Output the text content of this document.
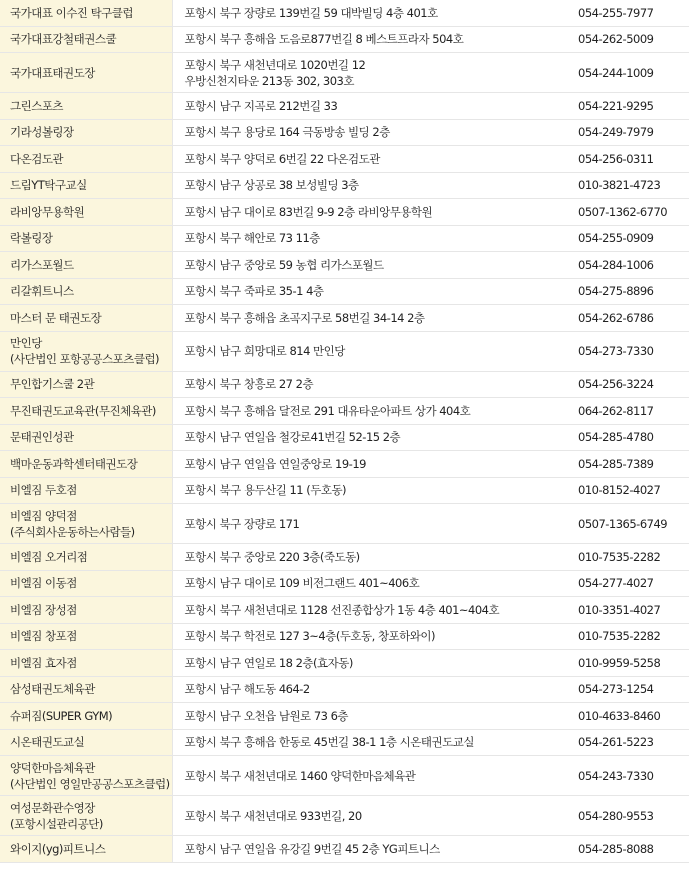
국가대표 이수진 탁구클럽	포항시 북구 장량로 139번길 59 대박빌딩 4층 401호	054-255-7977

국가대표강철태권스쿨	포항시 북구 흥해읍 도음로877번길 8 베스트프라자 504호	054-262-5009

국가대표태권도장	포항시 북구 새천년대로 1020번길 12
우방신천지타운 213동 302, 303호	054-244-1009

그린스포츠	포항시 남구 지곡로 212번길 33	054-221-9295

기라성볼링장	포항시 북구 용당로 164 극동방송 빌딩 2층	054-249-7979

다온검도관	포항시 북구 양덕로 6번길 22 다온검도관	054-256-0311

드림YT탁구교실	포항시 남구 상공로 38 보성빌딩 3층	010-3821-4723

라비앙무용학원	포항시 남구 대이로 83번길 9-9 2층 라비앙무용학원	0507-1362-6770

락볼링장	포항시 북구 해안로 73 11층	054-255-0909

리가스포월드	포항시 남구 중앙로 59 농협 리가스포월드	054-284-1006

리갈휘트니스	포항시 북구 죽파로 35-1 4층	054-275-8896

마스터 문 태권도장	포항시 북구 흥해읍 초곡지구로 58번길 34-14 2층	054-262-6786

만인당
(사단법인 포항공공스포츠클럽)	포항시 남구 희망대로 814 만인당	054-273-7330

무인합기스쿨 2관	포항시 북구 창흥로 27 2층	054-256-3224

무진태권도교육관(무진체육관)	포항시 북구 흥해읍 달전로 291 대유타운아파트 상가 404호	064-262-8117

문태권인성관	포항시 남구 연일읍 철강로41번길 52-15 2층	054-285-4780

백마운동과학센터태권도장	포항시 남구 연일읍 연일중앙로 19-19	054-285-7389

비엘짐 두호점	포항시 북구 용두산길 11 (두호동)	010-8152-4027

비엘짐 양덕점
(주식회사운동하는사람들)	포항시 북구 장량로 171	0507-1365-6749

비엘짐 오거리점	포항시 북구 중앙로 220 3층(죽도동)	010-7535-2282

비엘짐 이동점	포항시 남구 대이로 109 비전그랜드 401~406호	054-277-4027

비엘짐 장성점	포항시 북구 새천년대로 1128 선진종합상가 1동 4층 401~404호	010-3351-4027

비엘짐 창포점	포항시 북구 학전로 127 3~4층(두호동, 창포하와이)	010-7535-2282

비엘짐 효자점	포항시 남구 연일로 18 2층(효자동)	010-9959-5258

삼성태권도체육관	포항시 남구 해도동 464-2	054-273-1254

슈퍼짐(SUPER GYM)	포항시 남구 오천읍 남원로 73 6층	010-4633-8460

시온태권도교실	포항시 북구 흥해읍 한동로 45번길 38-1 1층 시온태권도교실	054-261-5223

양덕한마음체육관
(사단법인 영일만공공스포츠클럽)	포항시 북구 새천년대로 1460 양덕한마음체육관	054-243-7330

여성문화관수영장
(포항시설관리공단)	포항시 북구 새천년대로 933번길, 20	054-280-9553

와이지(yg)피트니스	포항시 남구 연일읍 유강길 9번길 45 2층 YG피트니스	054-285-8088
